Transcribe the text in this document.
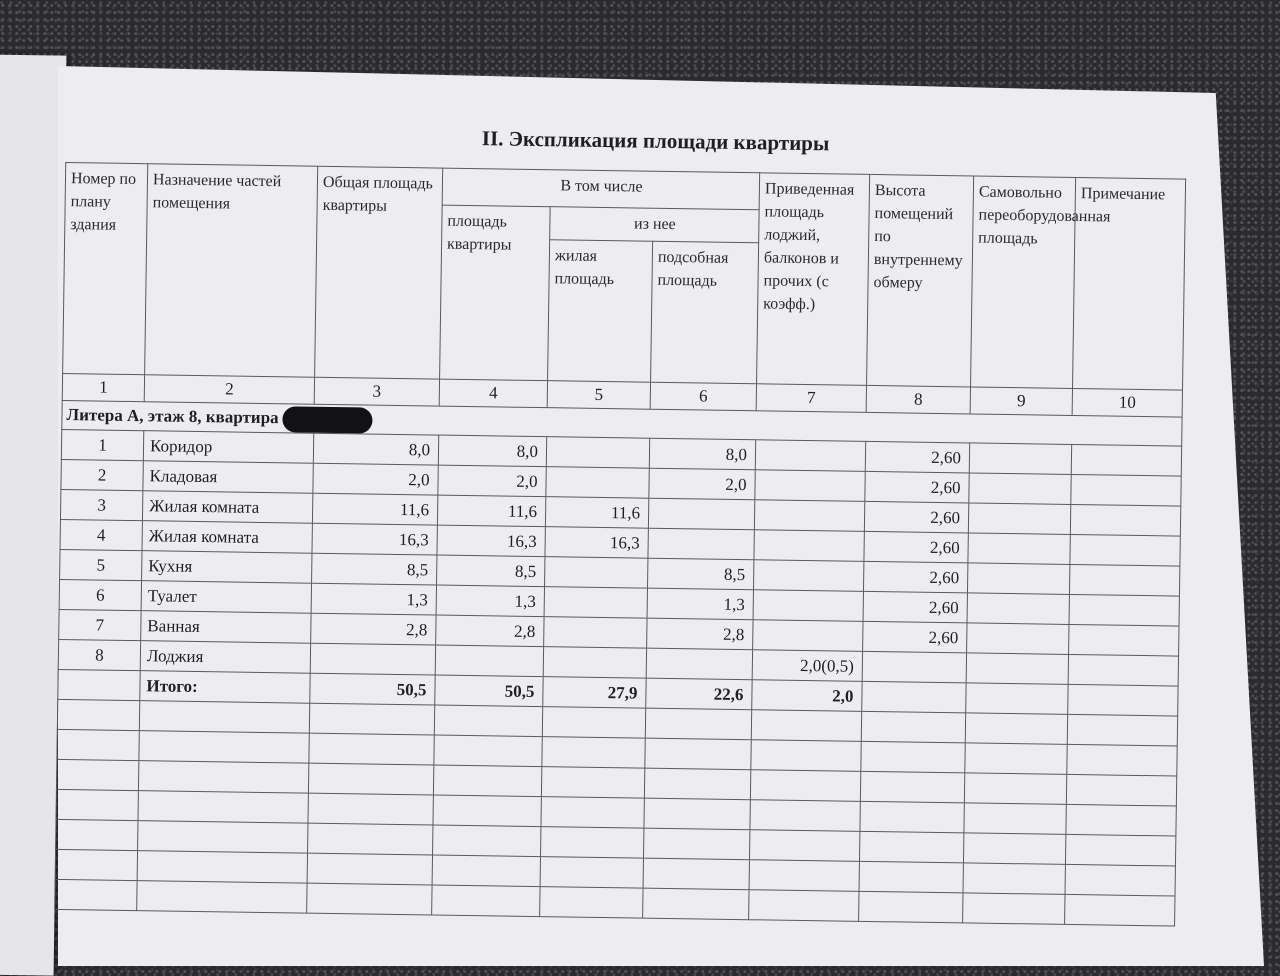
II. Экспликация площади квартиры
Номер по плану здания	Назначение частей помещения	Общая площадь квартиры	В том числе			Приведенная площадь лоджий, балконов и прочих (с коэфф.)	Высота помещений по внутреннему обмеру	Самовольно переоборудованная площадь	Примечание
			площадь квартиры	из нее					
				жилая площадь	подсобная площадь				
1	2	3	4	5	6	7	8	9	10
Литера А, этаж 8, квартира									
1	Коридор	8,0	8,0		8,0		2,60		
2	Кладовая	2,0	2,0		2,0		2,60		
3	Жилая комната	11,6	11,6	11,6			2,60		
4	Жилая комната	16,3	16,3	16,3			2,60		
5	Кухня	8,5	8,5		8,5		2,60		
6	Туалет	1,3	1,3		1,3		2,60		
7	Ванная	2,8	2,8		2,8		2,60		
8	Лоджия					2,0(0,5)			
	Итого:	50,5	50,5	27,9	22,6	2,0			
